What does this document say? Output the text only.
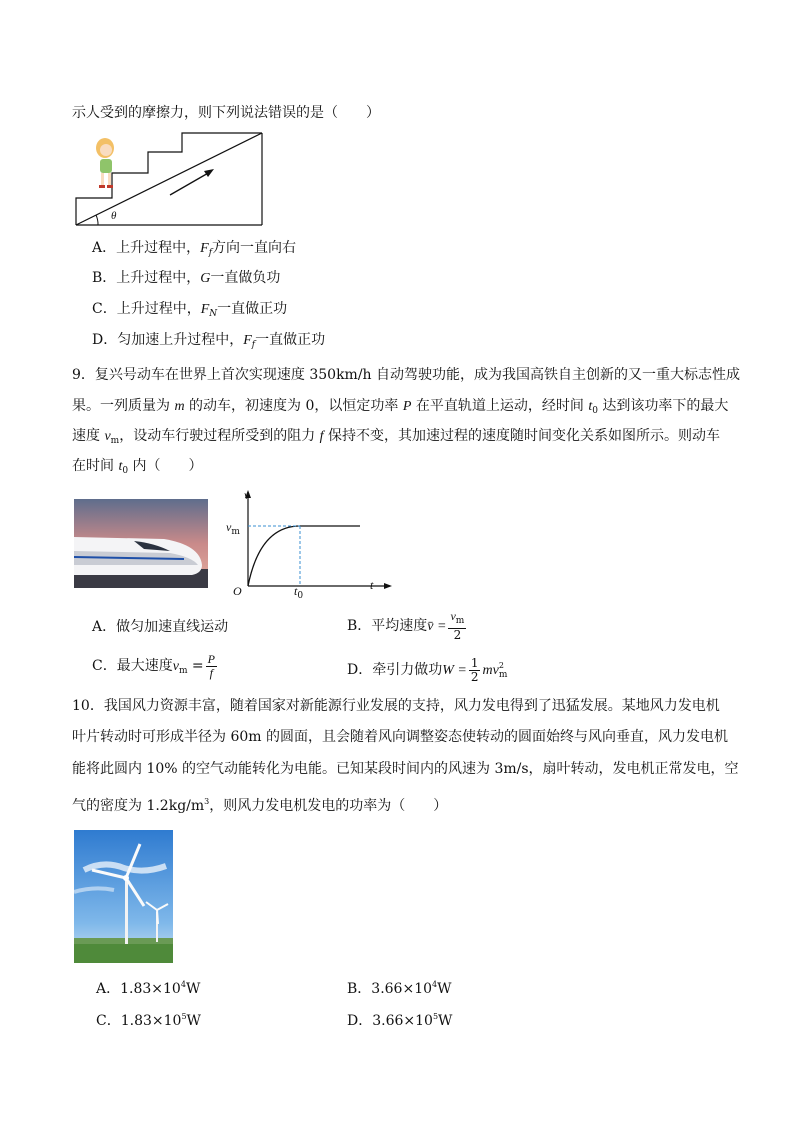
示人受到的摩擦力，则下列说法错误的是（　　）
θ
A．上升过程中，$F_f$方向一直向右
B．上升过程中，G一直做负功
C．上升过程中，$F_N$一直做正功
D．匀加速上升过程中，$F_f$一直做正功
9．复兴号动车在世界上首次实现速度 350km/h 自动驾驶功能，成为我国高铁自主创新的又一重大标志性成
果。一列质量为 m 的动车，初速度为 0，以恒定功率 P 在平直轨道上运动，经时间 $t_0$ 达到该功率下的最大
速度 $v_m$，设动车行驶过程所受到的阻力 f 保持不变，其加速过程的速度随时间变化关系如图所示。则动车
在时间 $t_0$ 内（　　）
v
t
O
$v_m$
$t_0$
A．做匀加速直线运动	B．平均速度v̄ = $\frac{v_m}{2}$
C．最大速度$v_m = \frac{P}{f}$	D．牵引力做功$W = \frac{1}{2} mv^2_m$
10．我国风力资源丰富，随着国家对新能源行业发展的支持，风力发电得到了迅猛发展。某地风力发电机
叶片转动时可形成半径为 60m 的圆面，且会随着风向调整姿态使转动的圆面始终与风向垂直，风力发电机
能将此圆内 10% 的空气动能转化为电能。已知某段时间内的风速为 3m/s，扇叶转动，发电机正常发电，空
气的密度为 $1.2kg/m^3$，则风力发电机发电的功率为（　　）
A．$1.83\times 10^4W$	B．$3.66\times 10^4W$
C．$1.83\times 10^5W$	D．$3.66\times 10^5W$
